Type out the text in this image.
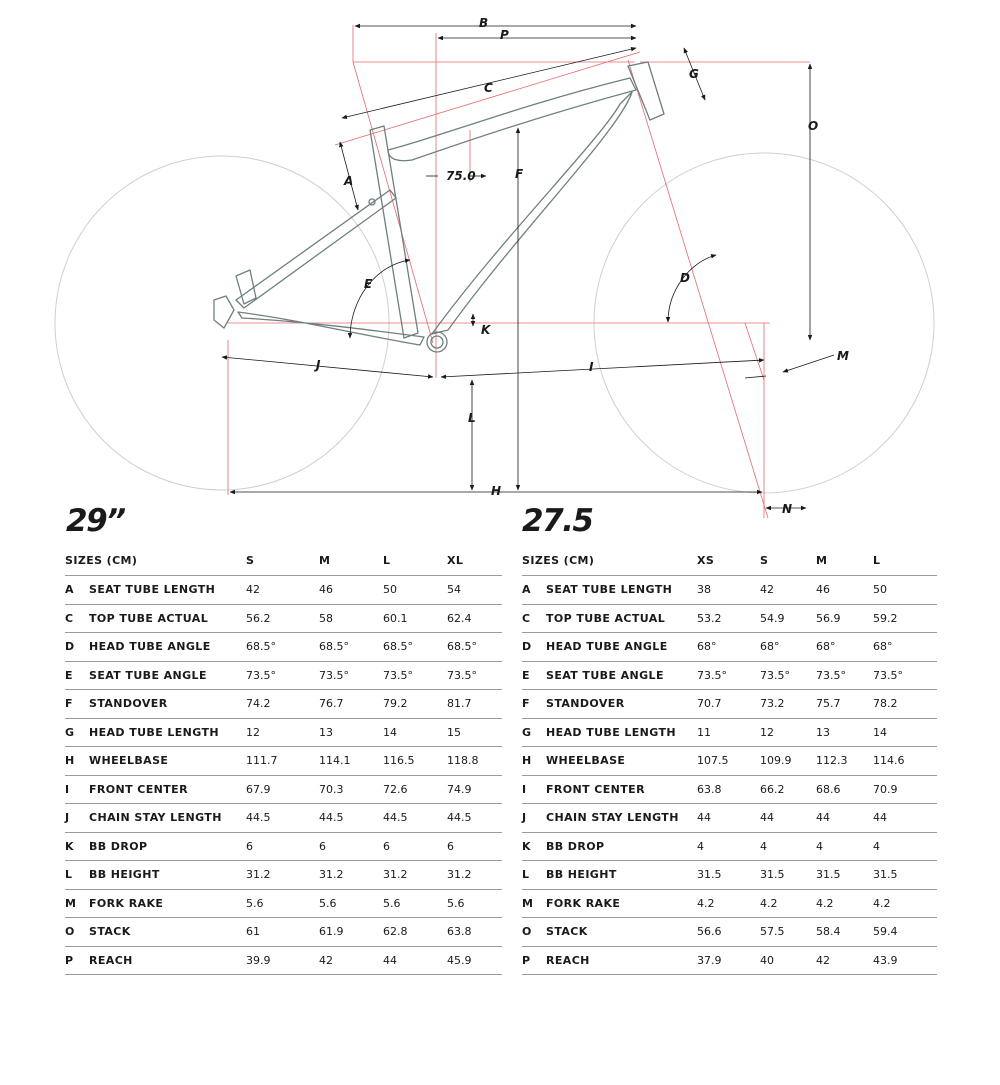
B
P
C
G
O
A	75.0	F
E	D
K
M
J	I
L
H
N
29”
SIZES (CM)		S	M	L	XL
A	SEAT TUBE LENGTH	42	46	50	54
C	TOP TUBE ACTUAL	56.2	58	60.1	62.4
D	HEAD TUBE ANGLE	68.5°	68.5°	68.5°	68.5°
E	SEAT TUBE ANGLE	73.5°	73.5°	73.5°	73.5°
F	STANDOVER	74.2	76.7	79.2	81.7
G	HEAD TUBE LENGTH	12	13	14	15
H	WHEELBASE	111.7	114.1	116.5	118.8
I	FRONT CENTER	67.9	70.3	72.6	74.9
J	CHAIN STAY LENGTH	44.5	44.5	44.5	44.5
K	BB DROP	6	6	6	6
L	BB HEIGHT	31.2	31.2	31.2	31.2
M	FORK RAKE	5.6	5.6	5.6	5.6
O	STACK	61	61.9	62.8	63.8
P	REACH	39.9	42	44	45.9
27.5
SIZES (CM)		XS	S	M	L
A	SEAT TUBE LENGTH	38	42	46	50
C	TOP TUBE ACTUAL	53.2	54.9	56.9	59.2
D	HEAD TUBE ANGLE	68°	68°	68°	68°
E	SEAT TUBE ANGLE	73.5°	73.5°	73.5°	73.5°
F	STANDOVER	70.7	73.2	75.7	78.2
G	HEAD TUBE LENGTH	11	12	13	14
H	WHEELBASE	107.5	109.9	112.3	114.6
I	FRONT CENTER	63.8	66.2	68.6	70.9
J	CHAIN STAY LENGTH	44	44	44	44
K	BB DROP	4	4	4	4
L	BB HEIGHT	31.5	31.5	31.5	31.5
M	FORK RAKE	4.2	4.2	4.2	4.2
O	STACK	56.6	57.5	58.4	59.4
P	REACH	37.9	40	42	43.9
